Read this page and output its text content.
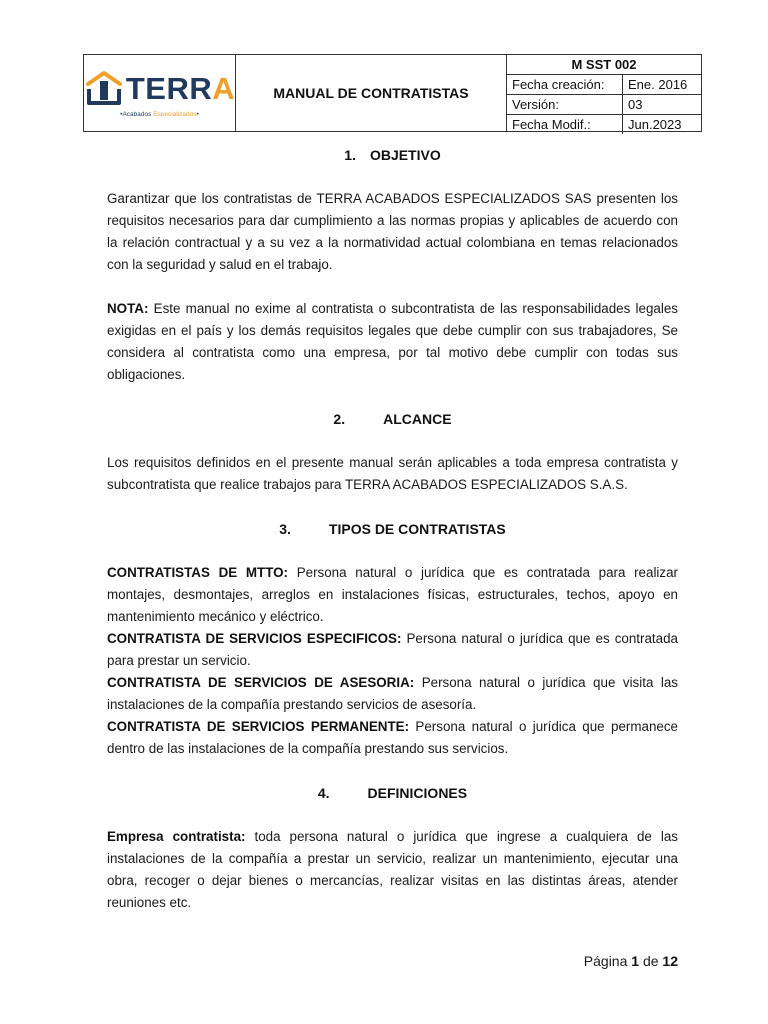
TERRA
•Acabados Especializados•
MANUAL DE CONTRATISTAS
M SST 002
Fecha creación:	Ene. 2016
Versión:	03
Fecha Modif.:	Jun.2023
1. OBJETIVO

Garantizar que los contratistas de TERRA ACABADOS ESPECIALIZADOS SAS presenten los requisitos necesarios para dar cumplimiento a las normas propias y aplicables de acuerdo con la relación contractual y a su vez a la normatividad actual colombiana en temas relacionados con la seguridad y salud en el trabajo.

NOTA: Este manual no exime al contratista o subcontratista de las responsabilidades legales exigidas en el país y los demás requisitos legales que debe cumplir con sus trabajadores, Se considera al contratista como una empresa, por tal motivo debe cumplir con todas sus obligaciones.

2.	ALCANCE

Los requisitos definidos en el presente manual serán aplicables a toda empresa contratista y subcontratista que realice trabajos para TERRA ACABADOS ESPECIALIZADOS S.A.S.

3.	TIPOS DE CONTRATISTAS

CONTRATISTAS DE MTTO: Persona natural o jurídica que es contratada para realizar montajes, desmontajes, arreglos en instalaciones físicas, estructurales, techos, apoyo en mantenimiento mecánico y eléctrico.

CONTRATISTA DE SERVICIOS ESPECIFICOS: Persona natural o jurídica que es contratada para prestar un servicio.

CONTRATISTA DE SERVICIOS DE ASESORIA: Persona natural o jurídica que visita las instalaciones de la compañía prestando servicios de asesoría.

CONTRATISTA DE SERVICIOS PERMANENTE: Persona natural o jurídica que permanece dentro de las instalaciones de la compañía prestando sus servicios.

4.	DEFINICIONES

Empresa contratista: toda persona natural o jurídica que ingrese a cualquiera de las instalaciones de la compañía a prestar un servicio, realizar un mantenimiento, ejecutar una obra, recoger o dejar bienes o mercancías, realizar visitas en las distintas áreas, atender reuniones etc.

Página 1 de 12
